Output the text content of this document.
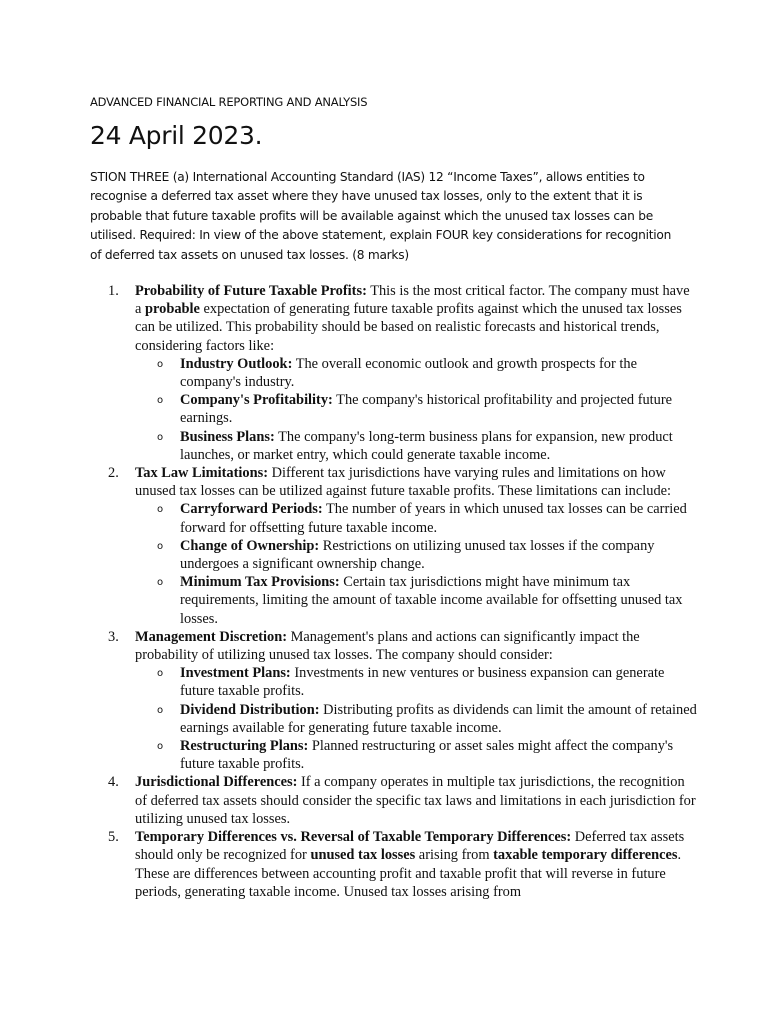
ADVANCED FINANCIAL REPORTING AND ANALYSIS
24 April 2023.
STION THREE (a) International Accounting Standard (IAS) 12 “Income Taxes”, allows entities to recognise a deferred tax asset where they have unused tax losses, only to the extent that it is probable that future taxable profits will be available against which the unused tax losses can be utilised. Required: In view of the above statement, explain FOUR key considerations for recognition of deferred tax assets on unused tax losses. (8 marks)
1. Probability of Future Taxable Profits: This is the most critical factor. The company must have a probable expectation of generating future taxable profits against which the unused tax losses can be utilized. This probability should be based on realistic forecasts and historical trends, considering factors like:
o Industry Outlook: The overall economic outlook and growth prospects for the company's industry.
o Company's Profitability: The company's historical profitability and projected future earnings.
o Business Plans: The company's long-term business plans for expansion, new product launches, or market entry, which could generate taxable income.
2. Tax Law Limitations: Different tax jurisdictions have varying rules and limitations on how unused tax losses can be utilized against future taxable profits. These limitations can include:
o Carryforward Periods: The number of years in which unused tax losses can be carried forward for offsetting future taxable income.
o Change of Ownership: Restrictions on utilizing unused tax losses if the company undergoes a significant ownership change.
o Minimum Tax Provisions: Certain tax jurisdictions might have minimum tax requirements, limiting the amount of taxable income available for offsetting unused tax losses.
3. Management Discretion: Management's plans and actions can significantly impact the probability of utilizing unused tax losses. The company should consider:
o Investment Plans: Investments in new ventures or business expansion can generate future taxable profits.
o Dividend Distribution: Distributing profits as dividends can limit the amount of retained earnings available for generating future taxable income.
o Restructuring Plans: Planned restructuring or asset sales might affect the company's future taxable profits.
4. Jurisdictional Differences: If a company operates in multiple tax jurisdictions, the recognition of deferred tax assets should consider the specific tax laws and limitations in each jurisdiction for utilizing unused tax losses.
5. Temporary Differences vs. Reversal of Taxable Temporary Differences: Deferred tax assets should only be recognized for unused tax losses arising from taxable temporary differences. These are differences between accounting profit and taxable profit that will reverse in future periods, generating taxable income. Unused tax losses arising from
